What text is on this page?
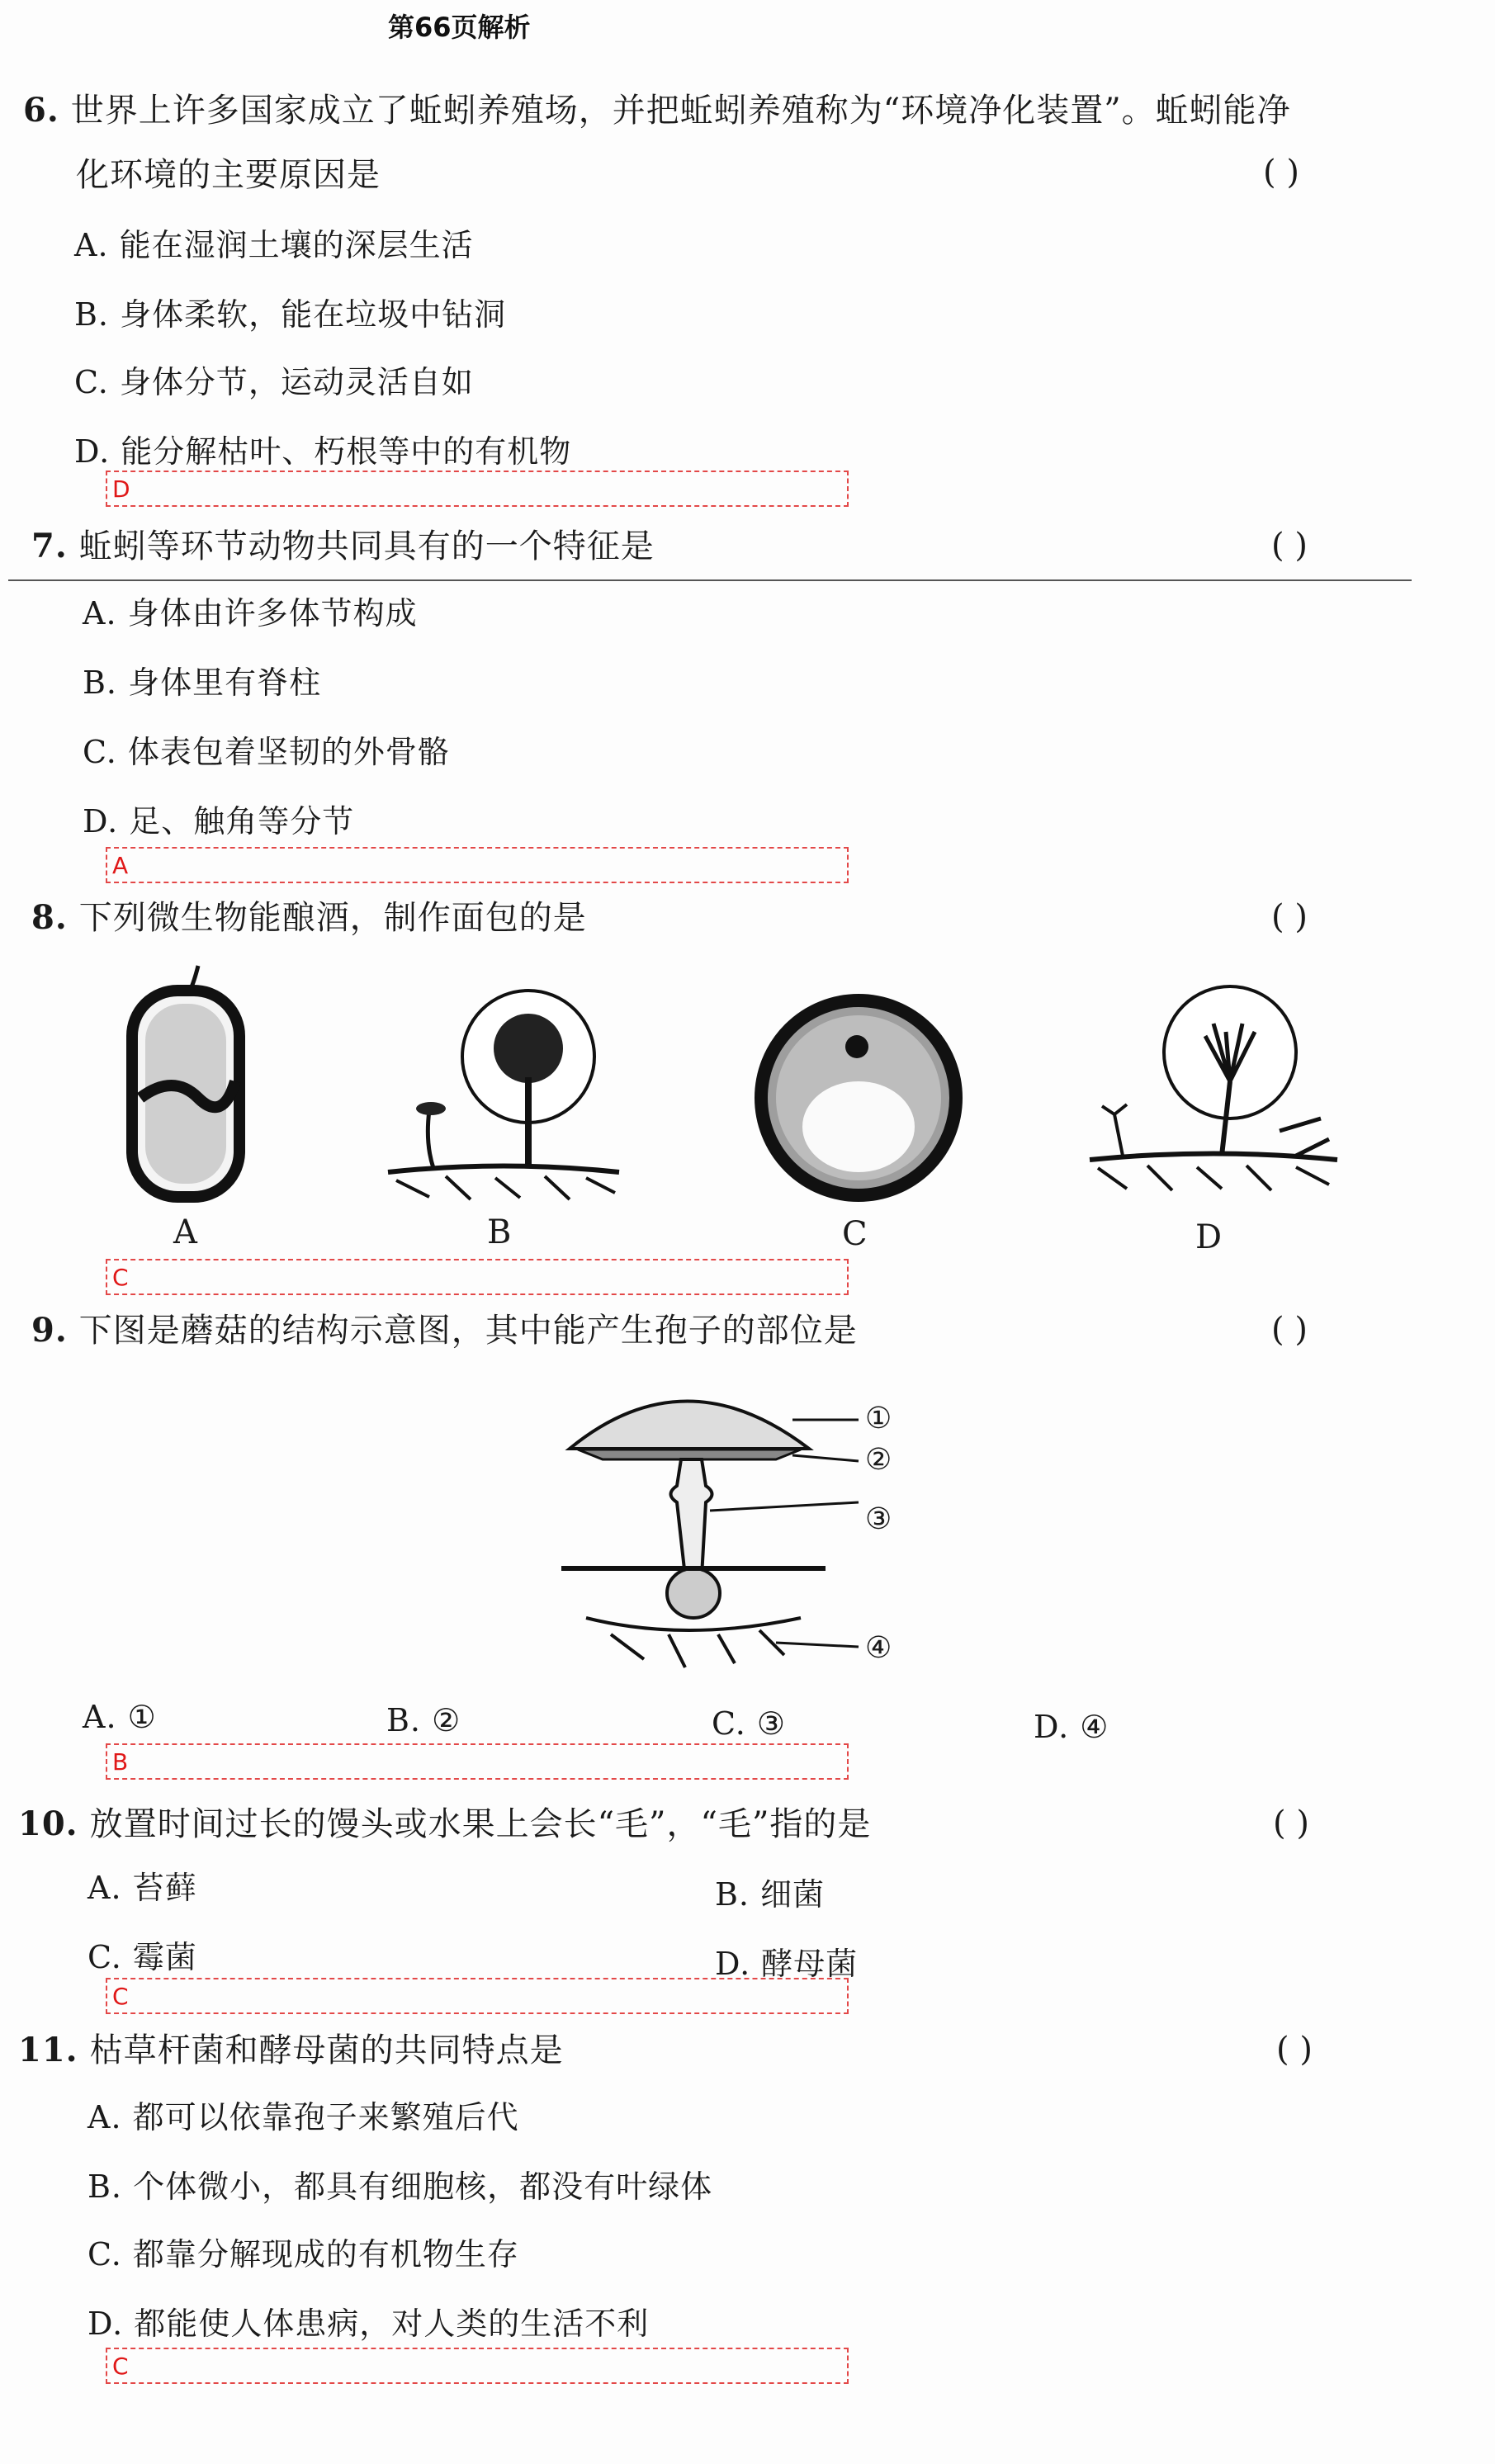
第66页解析
6. 世界上许多国家成立了蚯蚓养殖场，并把蚯蚓养殖称为“环境净化装置”。蚯蚓能净
化环境的主要原因是	( )
A. 能在湿润土壤的深层生活
B. 身体柔软，能在垃圾中钻洞
C. 身体分节，运动灵活自如
D. 能分解枯叶、朽根等中的有机物
D
7. 蚯蚓等环节动物共同具有的一个特征是	( )
A. 身体由许多体节构成
B. 身体里有脊柱
C. 体表包着坚韧的外骨骼
D. 足、触角等分节
A
8. 下列微生物能酿酒，制作面包的是	( )
A	B	C	D
C
9. 下图是蘑菇的结构示意图，其中能产生孢子的部位是	( )
①
②
③
④
A. ①	B. ②	C. ③	D. ④
B
10. 放置时间过长的馒头或水果上会长“毛”，“毛”指的是	( )
A. 苔藓	B. 细菌
C. 霉菌	D. 酵母菌
C
11. 枯草杆菌和酵母菌的共同特点是	( )
A. 都可以依靠孢子来繁殖后代
B. 个体微小，都具有细胞核，都没有叶绿体
C. 都靠分解现成的有机物生存
D. 都能使人体患病，对人类的生活不利
C
